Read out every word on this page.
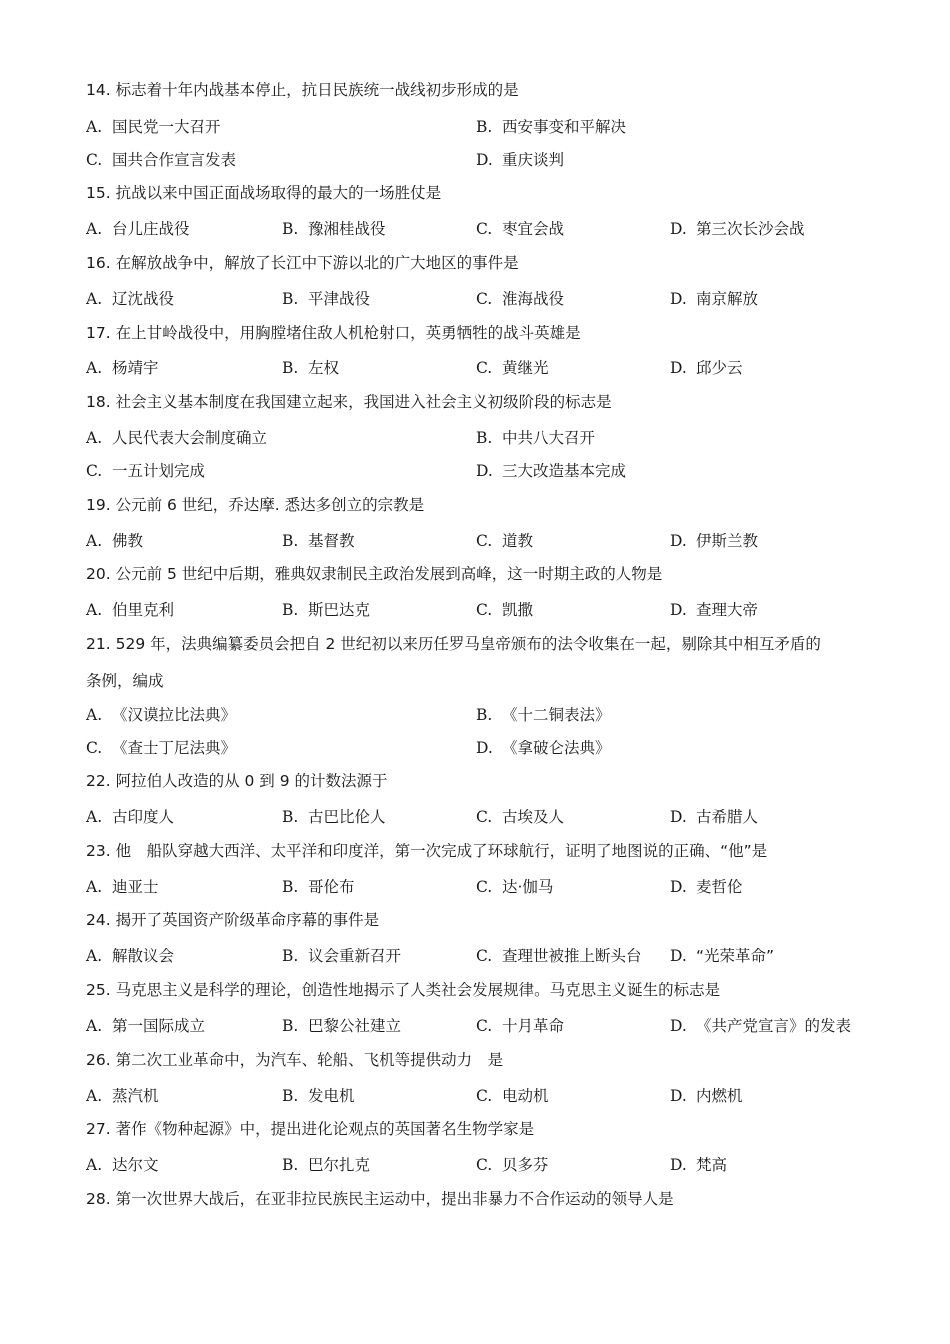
14. 标志着十年内战基本停止，抗日民族统一战线初步形成的是
A. 国民党一大召开	B. 西安事变和平解决
C. 国共合作宣言发表	D. 重庆谈判
15. 抗战以来中国正面战场取得的最大的一场胜仗是
A. 台儿庄战役	B. 豫湘桂战役	C. 枣宜会战	D. 第三次长沙会战
16. 在解放战争中，解放了长江中下游以北的广大地区的事件是
A. 辽沈战役	B. 平津战役	C. 淮海战役	D. 南京解放
17. 在上甘岭战役中，用胸膛堵住敌人机枪射口，英勇牺牲的战斗英雄是
A. 杨靖宇	B. 左权	C. 黄继光	D. 邱少云
18. 社会主义基本制度在我国建立起来，我国进入社会主义初级阶段的标志是
A. 人民代表大会制度确立	B. 中共八大召开
C. 一五计划完成	D. 三大改造基本完成
19. 公元前 6 世纪，乔达摩. 悉达多创立的宗教是
A. 佛教	B. 基督教	C. 道教	D. 伊斯兰教
20. 公元前 5 世纪中后期，雅典奴隶制民主政治发展到高峰，这一时期主政的人物是
A. 伯里克利	B. 斯巴达克	C. 凯撒	D. 查理大帝
21. 529 年，法典编纂委员会把自 2 世纪初以来历任罗马皇帝颁布的法令收集在一起，剔除其中相互矛盾的
条例，编成
A. 《汉谟拉比法典》	B. 《十二铜表法》
C. 《查士丁尼法典》	D. 《拿破仑法典》
22. 阿拉伯人改造的从 0 到 9 的计数法源于
A. 古印度人	B. 古巴比伦人	C. 古埃及人	D. 古希腊人
23. 他　船队穿越大西洋、太平洋和印度洋，第一次完成了环球航行，证明了地图说的正确、“他”是
A. 迪亚士	B. 哥伦布	C. 达·伽马	D. 麦哲伦
24. 揭开了英国资产阶级革命序幕的事件是
A. 解散议会	B. 议会重新召开	C. 查理世被推上断头台 D. “光荣革命”
25. 马克思主义是科学的理论，创造性地揭示了人类社会发展规律。马克思主义诞生的标志是
A. 第一国际成立	B. 巴黎公社建立	C. 十月革命	D. 《共产党宣言》的发表
26. 第二次工业革命中，为汽车、轮船、飞机等提供动力　是
A. 蒸汽机	B. 发电机	C. 电动机	D. 内燃机
27. 著作《物种起源》中，提出进化论观点的英国著名生物学家是
A. 达尔文	B. 巴尔扎克	C. 贝多芬	D. 梵高
28. 第一次世界大战后，在亚非拉民族民主运动中，提出非暴力不合作运动的领导人是
